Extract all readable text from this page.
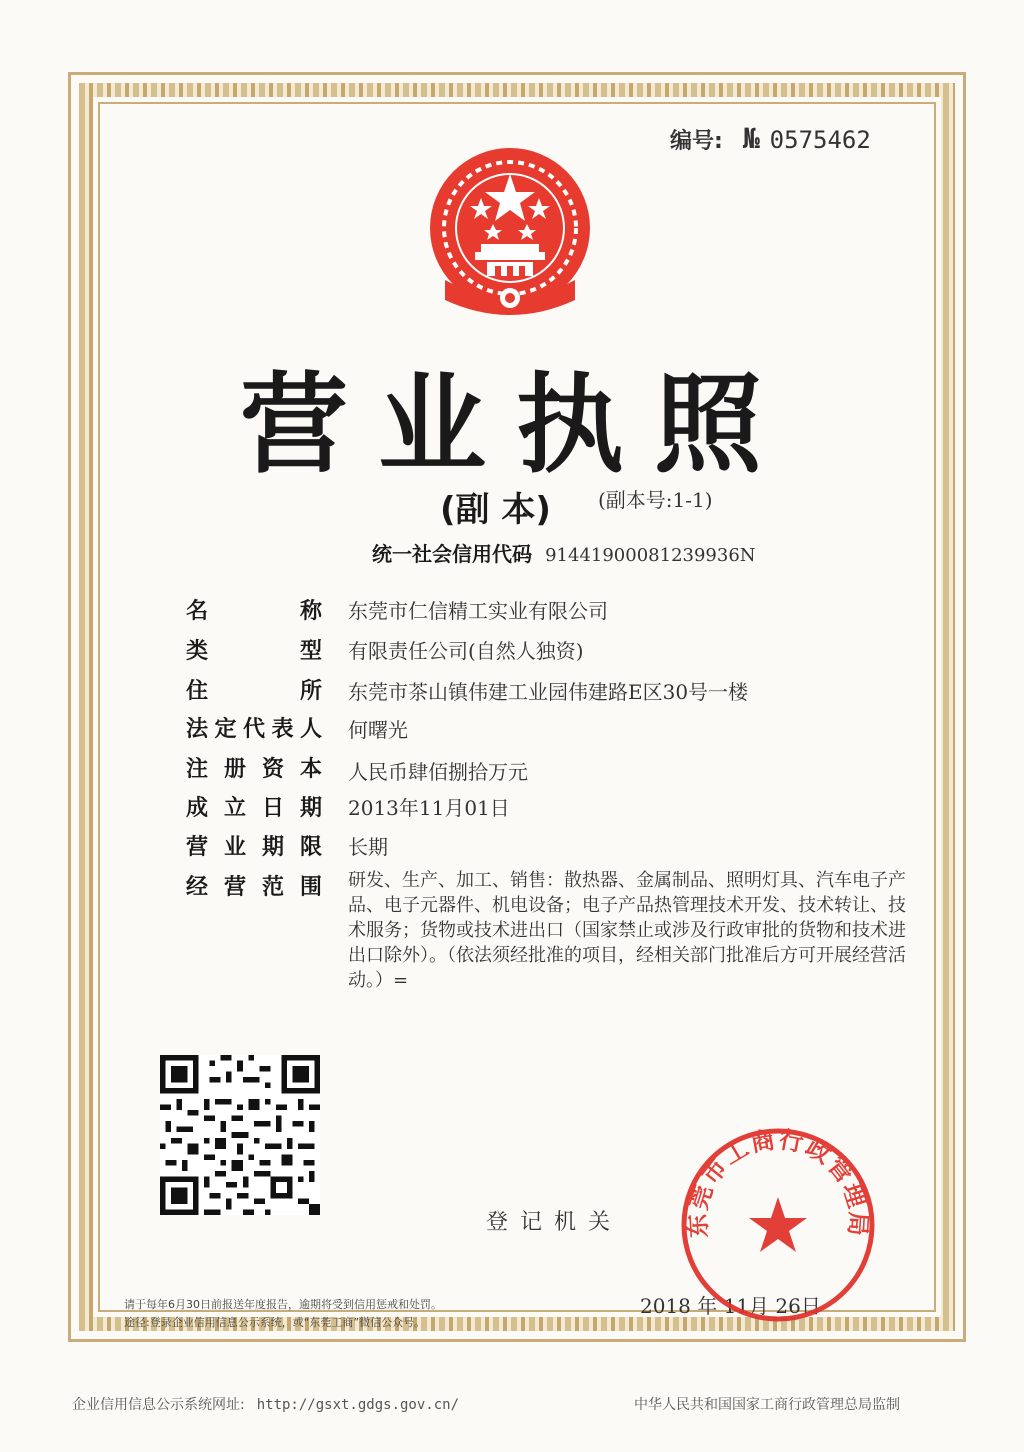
编号: № 0575462
营业执照
(副 本) (副本号:1-1)
统一社会信用代码 91441900081239936N
名称 东莞市仁信精工实业有限公司
类型 有限责任公司(自然人独资)
住所 东莞市茶山镇伟建工业园伟建路E区30号一楼
法定代表人 何曙光
注册资本 人民币肆佰捌拾万元
成立日期 2013年11月01日
营业期限 长期
经营范围 研发、生产、加工、销售：散热器、金属制品、照明灯具、汽车电子产品、电子元器件、机电设备；电子产品热管理技术开发、技术转让、技术服务；货物或技术进出口（国家禁止或涉及行政审批的货物和技术进出口除外）。（依法须经批准的项目，经相关部门批准后方可开展经营活动。）=
登记机关
2018 年 11月 26日
请于每年6月30日前报送年度报告，逾期将受到信用惩戒和处罚。
途径:登录企业信用信息公示系统，或“东莞工商”微信公众号。
东莞市工商行政管理局
企业信用信息公示系统网址: http://gsxt.gdgs.gov.cn/	中华人民共和国国家工商行政管理总局监制
